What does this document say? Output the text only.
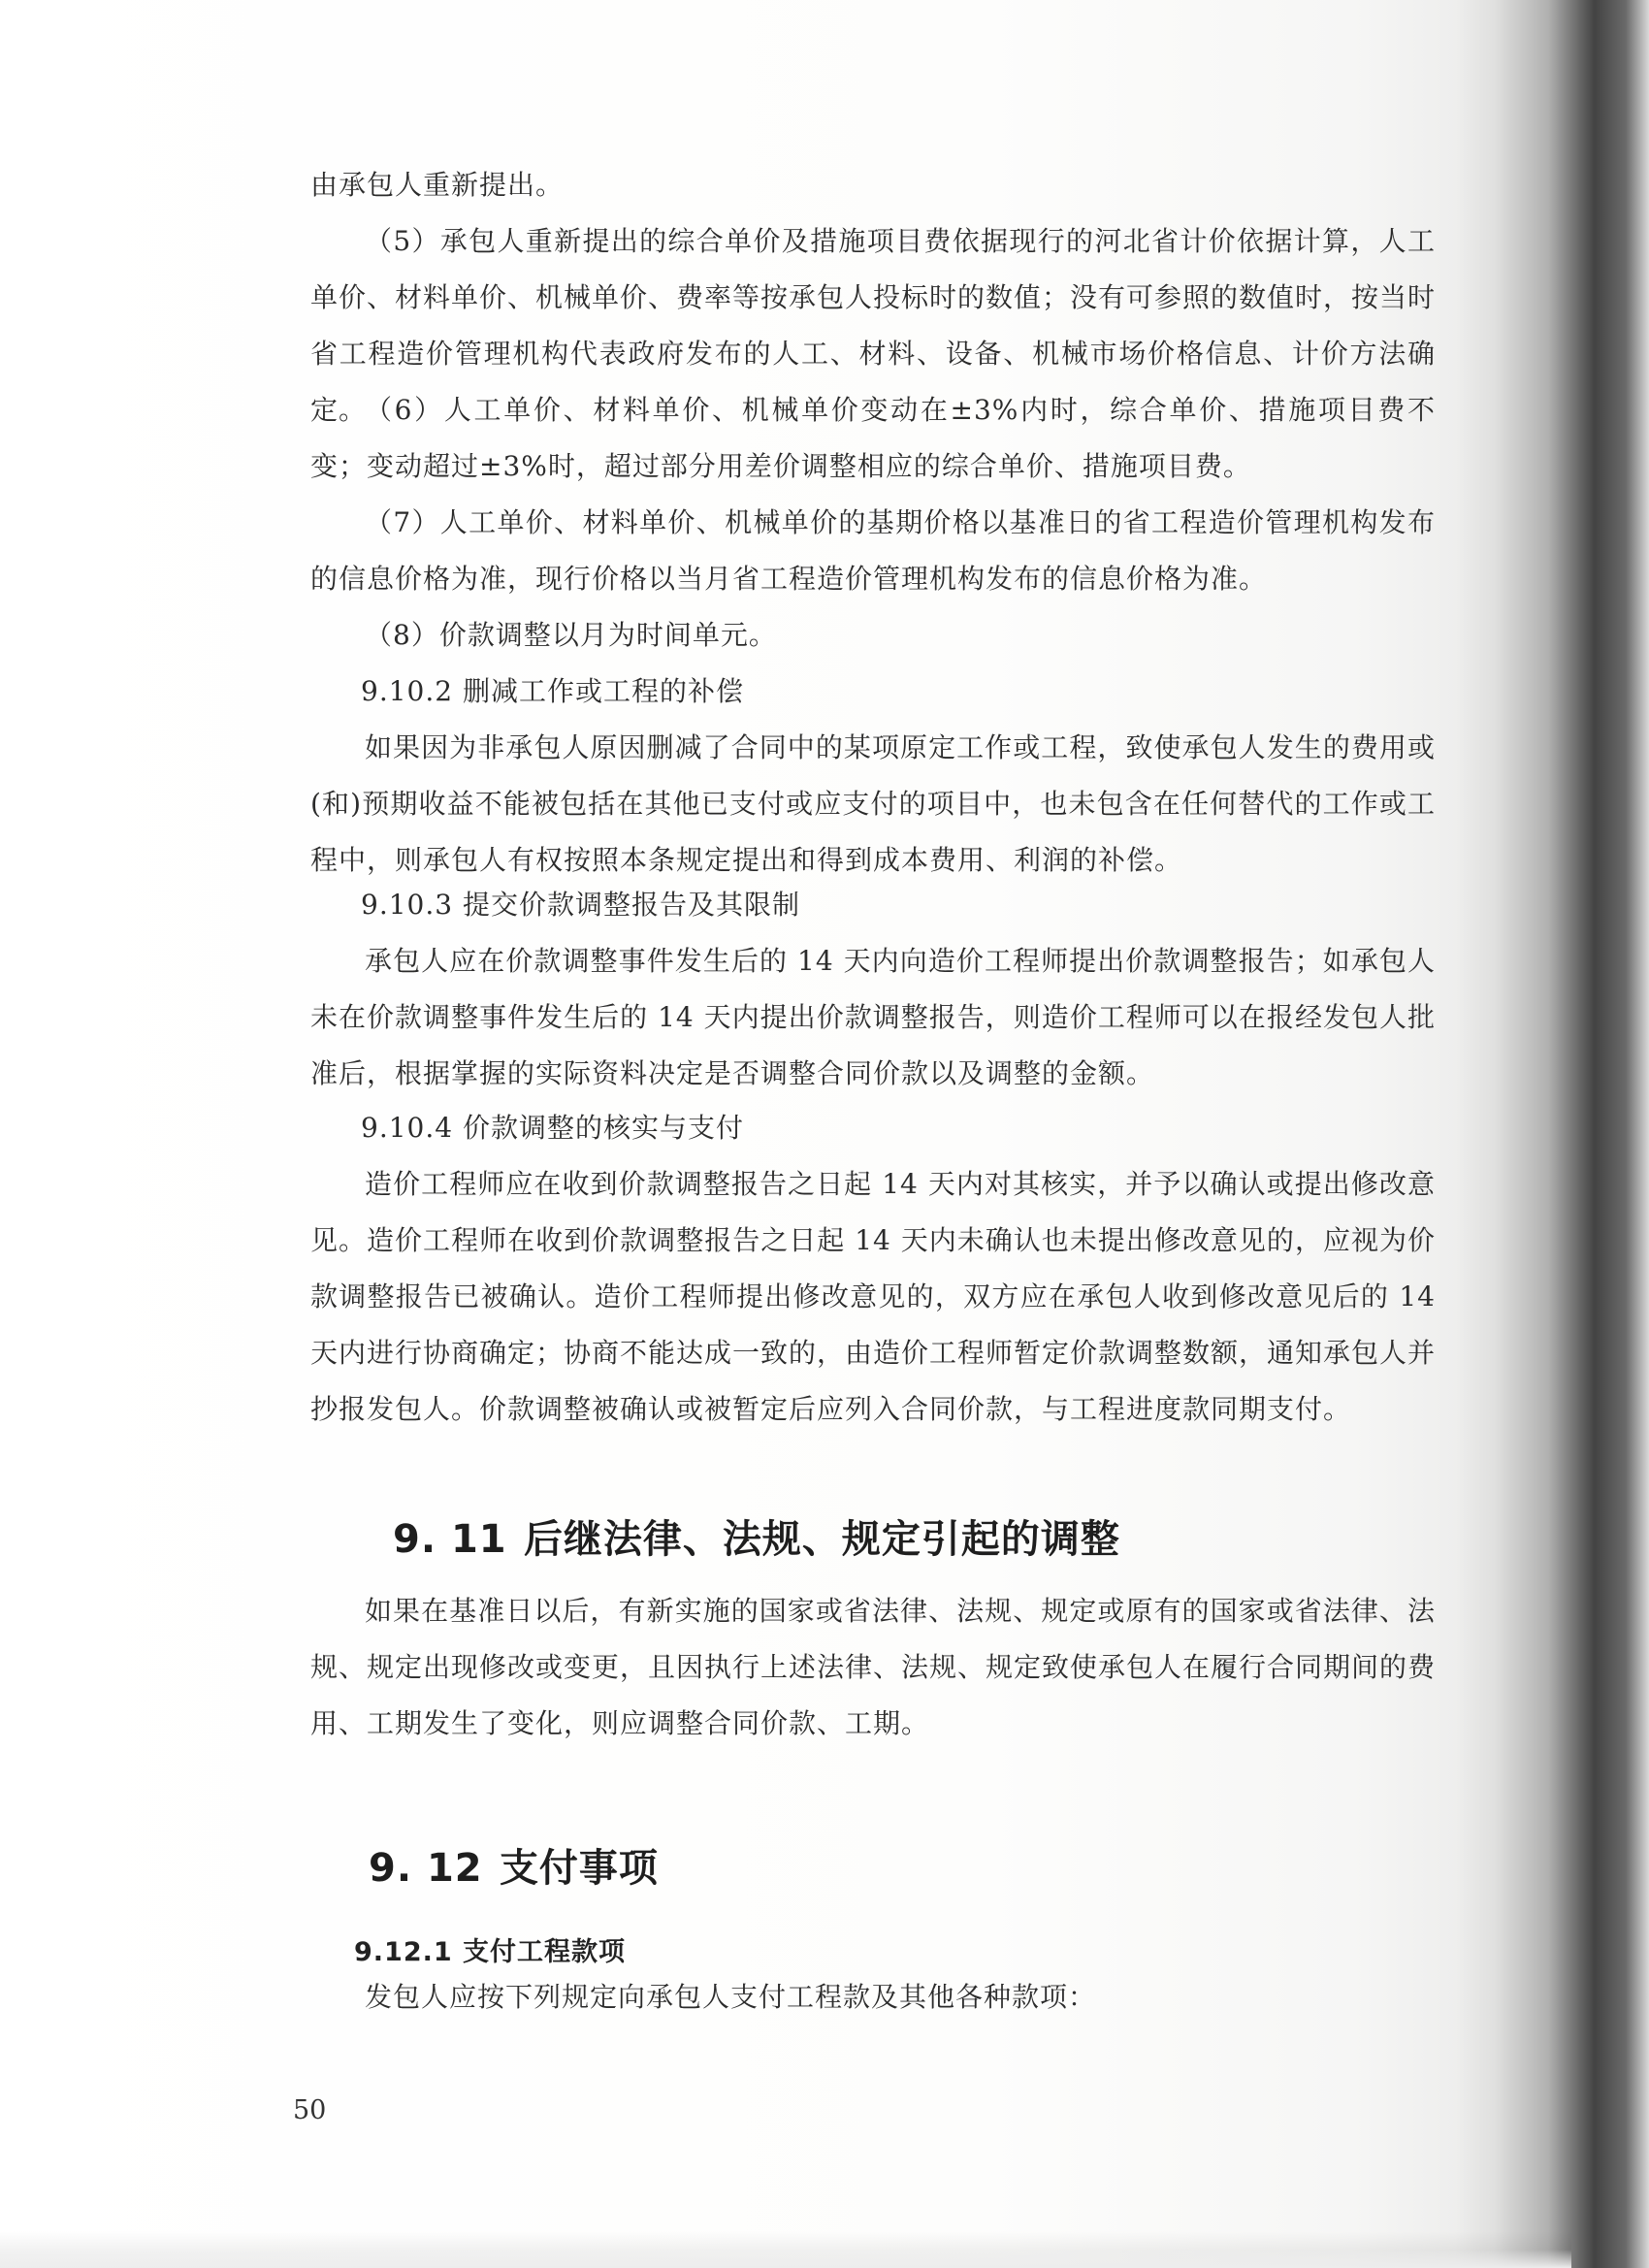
由承包人重新提出。

（5）承包人重新提出的综合单价及措施项目费依据现行的河北省计价依据计算，人工单价、材料单价、机械单价、费率等按承包人投标时的数值；没有可参照的数值时，按当时省工程造价管理机构代表政府发布的人工、材料、设备、机械市场价格信息、计价方法确定。

（6）人工单价、材料单价、机械单价变动在±3%内时，综合单价、措施项目费不变；变动超过±3%时，超过部分用差价调整相应的综合单价、措施项目费。

（7）人工单价、材料单价、机械单价的基期价格以基准日的省工程造价管理机构发布的信息价格为准，现行价格以当月省工程造价管理机构发布的信息价格为准。

（8）价款调整以月为时间单元。

9.10.2 删减工作或工程的补偿

如果因为非承包人原因删减了合同中的某项原定工作或工程，致使承包人发生的费用或(和)预期收益不能被包括在其他已支付或应支付的项目中，也未包含在任何替代的工作或工程中，则承包人有权按照本条规定提出和得到成本费用、利润的补偿。

9.10.3 提交价款调整报告及其限制

承包人应在价款调整事件发生后的 14 天内向造价工程师提出价款调整报告；如承包人未在价款调整事件发生后的 14 天内提出价款调整报告，则造价工程师可以在报经发包人批准后，根据掌握的实际资料决定是否调整合同价款以及调整的金额。

9.10.4 价款调整的核实与支付

造价工程师应在收到价款调整报告之日起 14 天内对其核实，并予以确认或提出修改意见。造价工程师在收到价款调整报告之日起 14 天内未确认也未提出修改意见的，应视为价款调整报告已被确认。造价工程师提出修改意见的，双方应在承包人收到修改意见后的 14 天内进行协商确定；协商不能达成一致的，由造价工程师暂定价款调整数额，通知承包人并抄报发包人。价款调整被确认或被暂定后应列入合同价款，与工程进度款同期支付。

9. 11 后继法律、法规、规定引起的调整

如果在基准日以后，有新实施的国家或省法律、法规、规定或原有的国家或省法律、法规、规定出现修改或变更，且因执行上述法律、法规、规定致使承包人在履行合同期间的费用、工期发生了变化，则应调整合同价款、工期。

9. 12 支付事项

9.12.1 支付工程款项

发包人应按下列规定向承包人支付工程款及其他各种款项：

50
